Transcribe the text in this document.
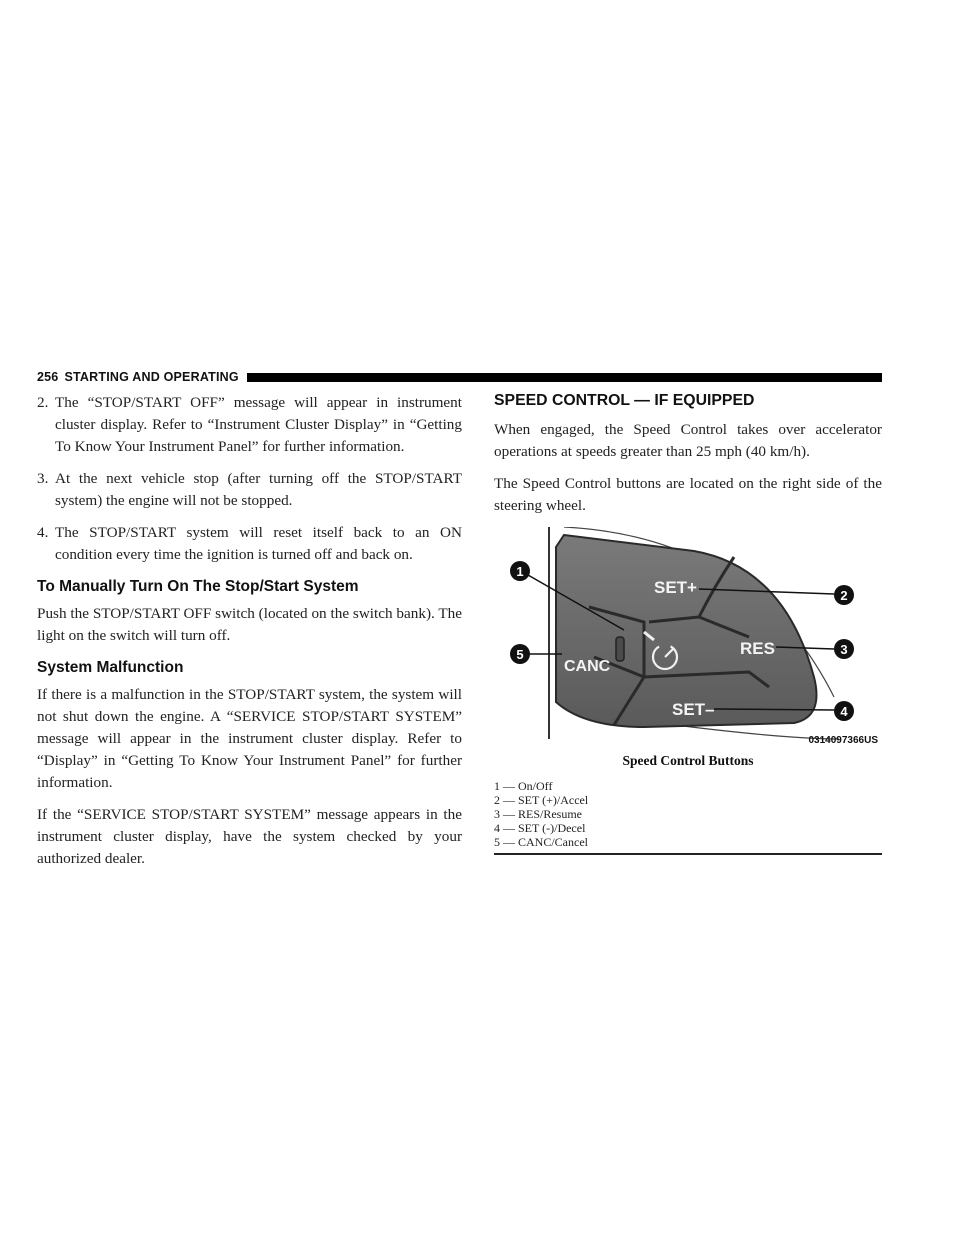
256 STARTING AND OPERATING

2. The “STOP/START OFF” message will appear in instrument cluster display. Refer to “Instrument Cluster Display” in “Getting To Know Your Instrument Panel” for further information.

3. At the next vehicle stop (after turning off the STOP/START system) the engine will not be stopped.

4. The STOP/START system will reset itself back to an ON condition every time the ignition is turned off and back on.

To Manually Turn On The Stop/Start System

Push the STOP/START OFF switch (located on the switch bank). The light on the switch will turn off.

System Malfunction

If there is a malfunction in the STOP/START system, the system will not shut down the engine. A “SERVICE STOP/START SYSTEM” message will appear in the instrument cluster display. Refer to “Display” in “Getting To Know Your Instrument Panel” for further information.

If the “SERVICE STOP/START SYSTEM” message appears in the instrument cluster display, have the system checked by your authorized dealer.

SPEED CONTROL — IF EQUIPPED

When engaged, the Speed Control takes over accelerator operations at speeds greater than 25 mph (40 km/h).

The Speed Control buttons are located on the right side of the steering wheel.

SET+
RES
CANC
SET–
1
2
3
4
5
0314097366US
Speed Control Buttons
1 — On/Off
2 — SET (+)/Accel
3 — RES/Resume
4 — SET (-)/Decel
5 — CANC/Cancel
